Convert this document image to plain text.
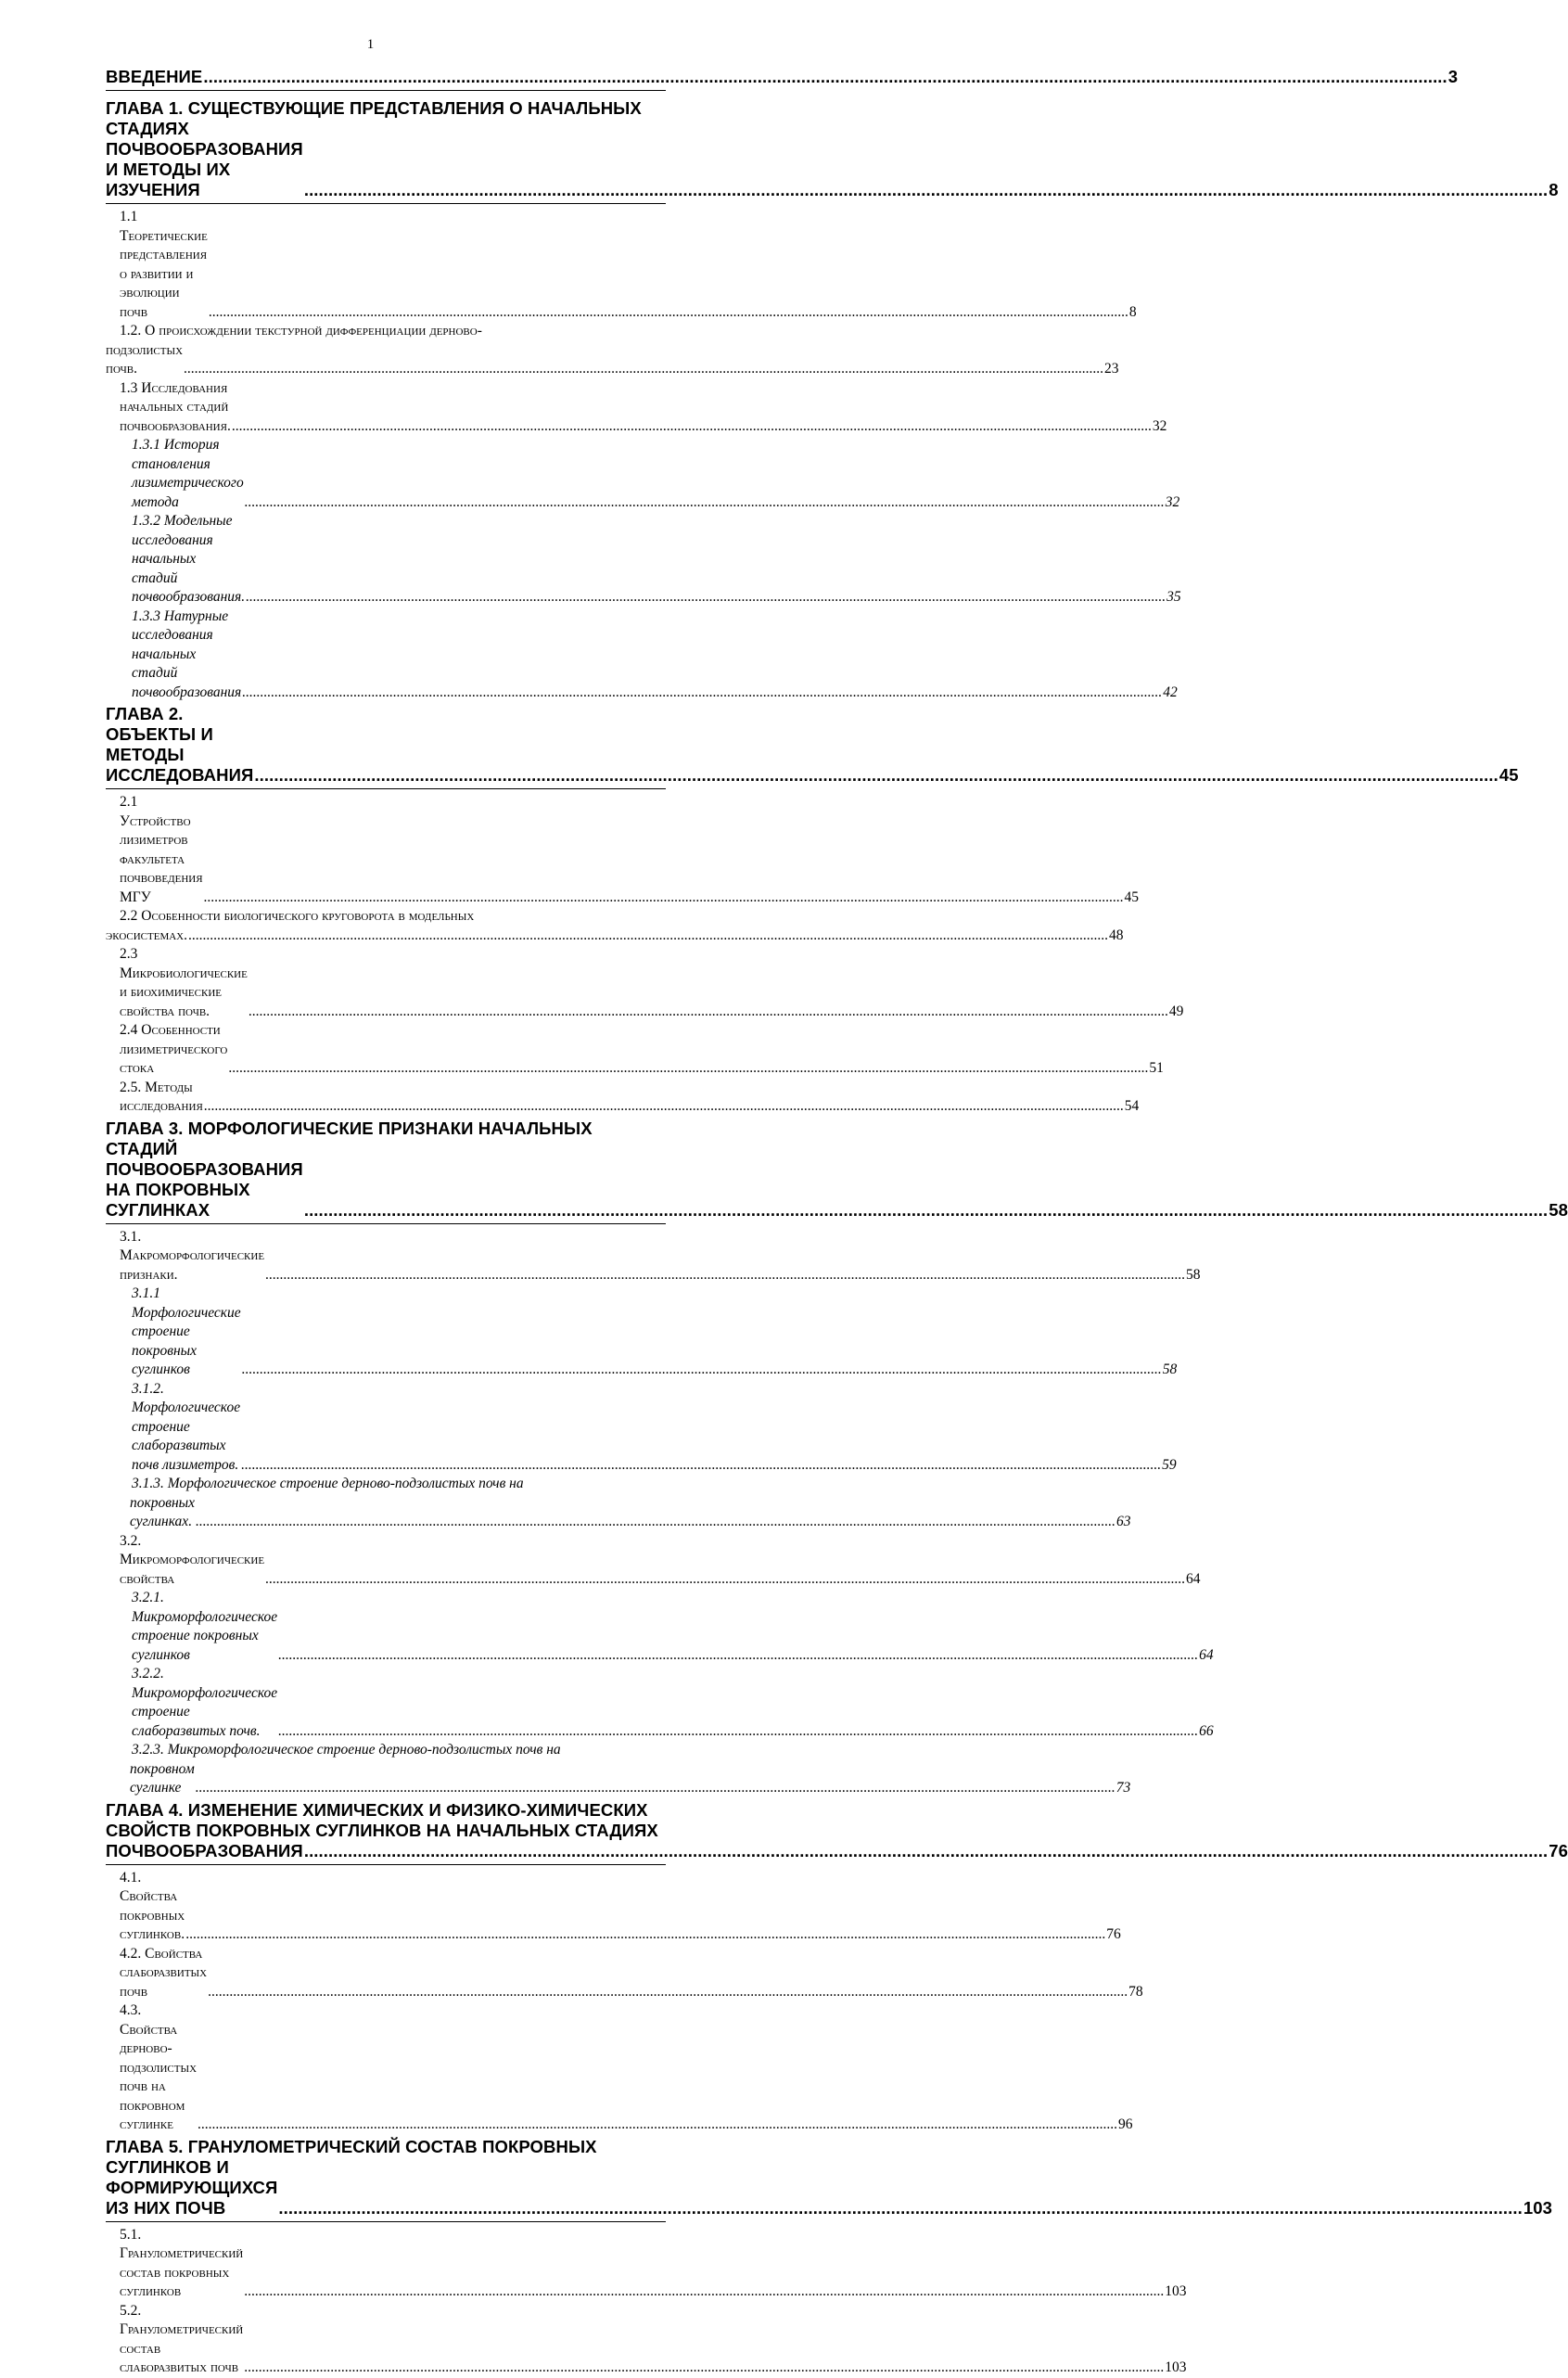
1
ВВЕДЕНИЕ .....	3
ГЛАВА 1. СУЩЕСТВУЮЩИЕ ПРЕДСТАВЛЕНИЯ О НАЧАЛЬНЫХ
СТАДИЯХ ПОЧВООБРАЗОВАНИЯ И МЕТОДЫ ИХ ИЗУЧЕНИЯ .....	8
1.1 Теоретические представления о развитии и эволюции почв .....	8
1.2. О происхождении текстурной дифференциации дерново-
подзолистых почв. .....	23
1.3 Исследования начальных стадий почвообразования. .....	32
1.3.1 История становления лизиметрического метода .....	32
1.3.2 Модельные исследования начальных стадий почвообразования. .....	35
1.3.3 Натурные исследования начальных стадий почвообразования .....	42
ГЛАВА 2. ОБЪЕКТЫ И МЕТОДЫ ИССЛЕДОВАНИЯ .....	45
2.1 Устройство лизиметров факультета почвоведения МГУ .....	45
2.2 Особенности биологического круговорота в модельных
экосистемах. .....	48
2.3 Микробиологические и биохимические свойства почв. .....	49
2.4 Особенности лизиметрического стока .....	51
2.5. Методы исследования .....	54
ГЛАВА 3. МОРФОЛОГИЧЕСКИЕ ПРИЗНАКИ НАЧАЛЬНЫХ СТАДИЙ
ПОЧВООБРАЗОВАНИЯ НА ПОКРОВНЫХ СУГЛИНКАХ .....	58
3.1. Макроморфологические признаки. .....	58
3.1.1 Морфологические строение покровных суглинков .....	58
3.1.2. Морфологическое строение слаборазвитых почв лизиметров. .....	59
3.1.3. Морфологическое строение дерново-подзолистых почв на
покровных суглинках. .....	63
3.2. Микроморфологические свойства .....	64
3.2.1. Микроморфологическое строение покровных суглинков .....	64
3.2.2. Микроморфологическое строение слаборазвитых почв. .....	66
3.2.3. Микроморфологическое строение дерново-подзолистых почв на
покровном суглинке .....	73
ГЛАВА 4. ИЗМЕНЕНИЕ ХИМИЧЕСКИХ И ФИЗИКО-ХИМИЧЕСКИХ
СВОЙСТВ ПОКРОВНЫХ СУГЛИНКОВ НА НАЧАЛЬНЫХ СТАДИЯХ
ПОЧВООБРАЗОВАНИЯ .....	76
4.1. Свойства покровных суглинков. .....	76
4.2. Свойства слаборазвитых почв .....	78
4.3. Свойства дерново-подзолистых почв на покровном суглинке .....	96
ГЛАВА 5. ГРАНУЛОМЕТРИЧЕСКИЙ СОСТАВ ПОКРОВНЫХ
СУГЛИНКОВ И ФОРМИРУЮЩИХСЯ ИЗ НИХ ПОЧВ .....	103
5.1. Гранулометрический состав покровных суглинков .....	103
5.2. Гранулометрический состав слаборазвитых почв .....	103
